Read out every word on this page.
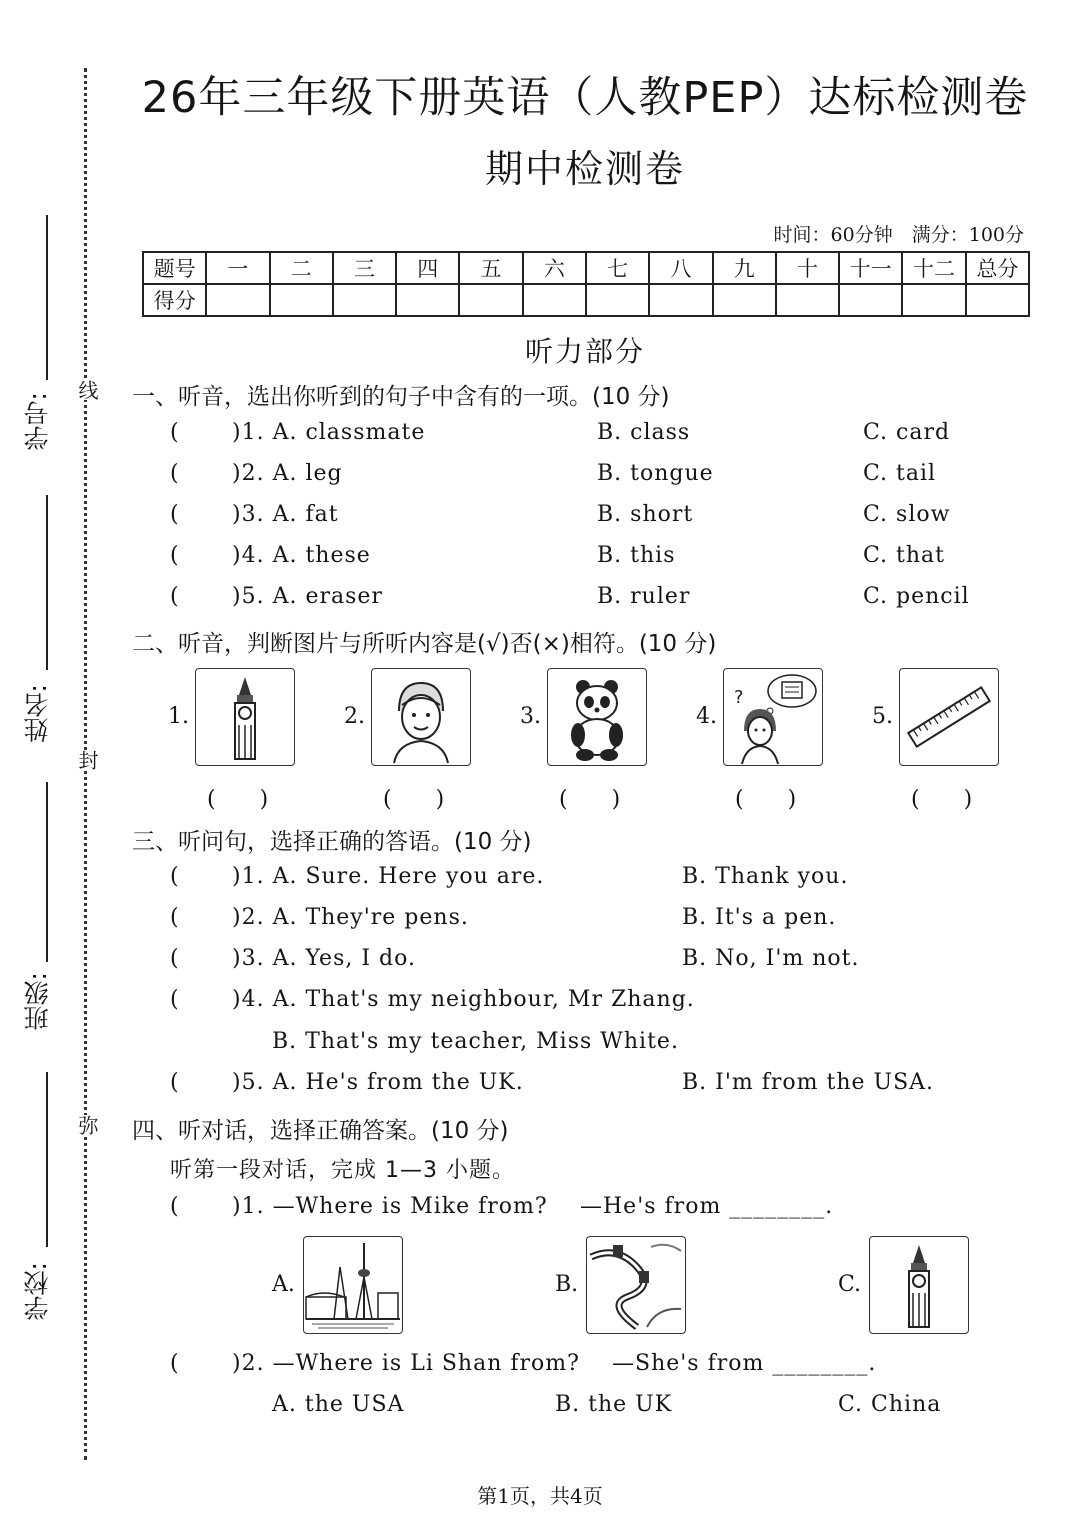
学号:
姓名:
班级:
学校:
线
封
弥
26年三年级下册英语（人教PEP）达标检测卷
期中检测卷
时间：60分钟　满分：100分
题号	一	二	三	四	五	六	七	八	九	十	十一	十二	总分
得分													
听力部分
一、听音，选出你听到的句子中含有的一项。(10 分)
( )1. A. classmate	B. class	C. card
( )2. A. leg	B. tongue	C. tail
( )3. A. fat	B. short	C. slow
( )4. A. these	B. this	C. that
( )5. A. eraser	B. ruler	C. pencil
二、听音，判断图片与所听内容是(√)否(×)相符。(10 分)
1.
(　　)
2.
(　　)
3.
(　　)
4.
?
(　　)
5.
(　　)
三、听问句，选择正确的答语。(10 分)
( )1. A. Sure. Here you are.	B. Thank you.
( )2. A. They're pens.	B. It's a pen.
( )3. A. Yes, I do.	B. No, I'm not.
( )4. A. That's my neighbour, Mr Zhang.
B. That's my teacher, Miss White.
( )5. A. He's from the UK.	B. I'm from the USA.
四、听对话，选择正确答案。(10 分)
听第一段对话，完成 1—3 小题。
( )1. —Where is Mike from? —He's from ________.
A.	B.	C.
( )2. —Where is Li Shan from? —She's from ________.
A. the USA	B. the UK	C. China
第1页，共4页
